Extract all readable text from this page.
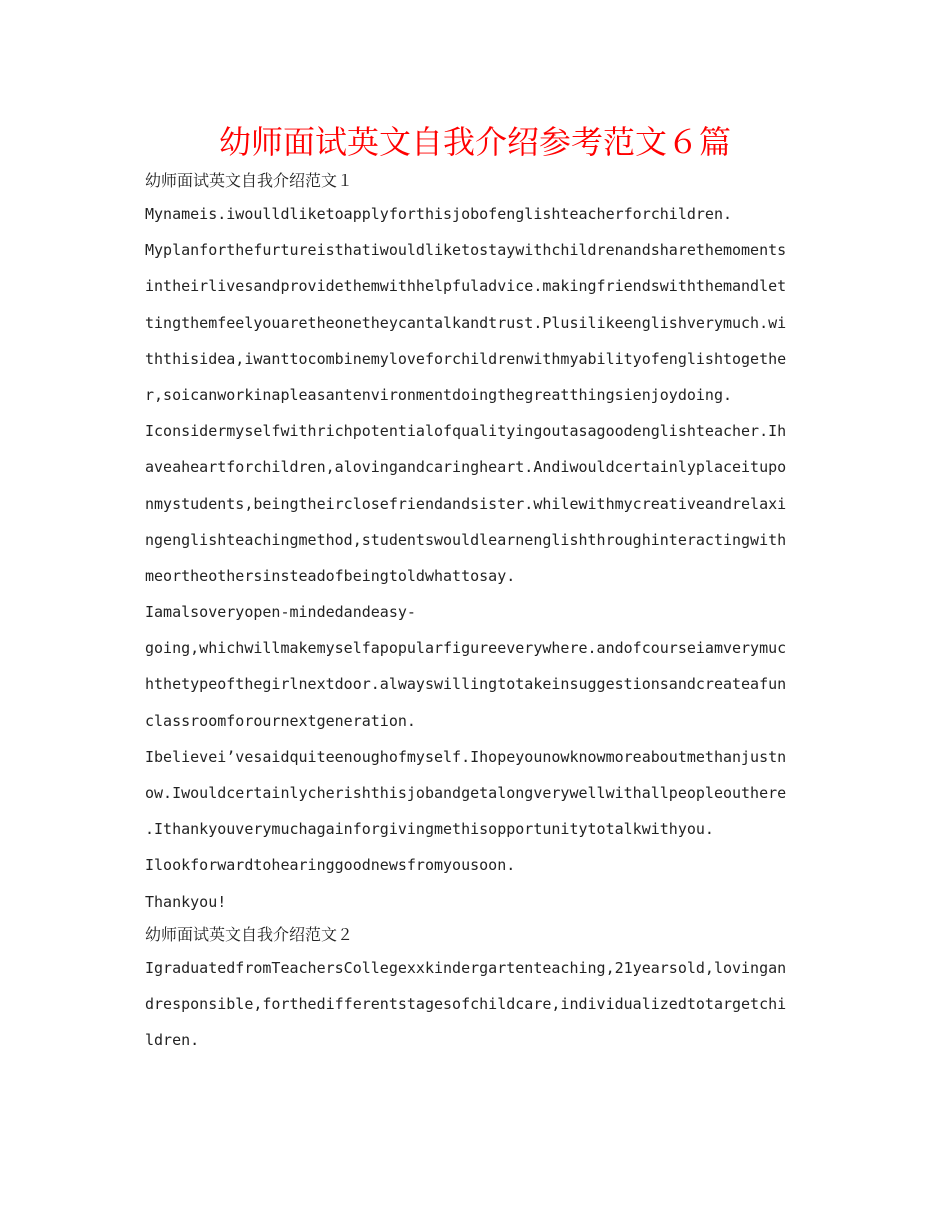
幼师面试英文自我介绍参考范文６篇

幼师面试英文自我介绍范文１

Mynameis.iwoulldliketoapplyforthisjobofenglishteacherforchildren.
Myplanforthefurtureisthatiwouldliketostaywithchildrenandsharethemoments
intheirlivesandprovidethemwithhelpfuladvice.makingfriendswiththemandlet
tingthemfeelyouaretheonetheycantalkandtrust.Plusilikeenglishverymuch.wi
ththisidea,iwanttocombinemyloveforchildrenwithmyabilityofenglishtogethe
r,soicanworkinapleasantenvironmentdoingthegreatthingsienjoydoing.
Iconsidermyselfwithrichpotentialofqualityingoutasagoodenglishteacher.Ih
aveaheartforchildren,alovingandcaringheart.Andiwouldcertainlyplaceitupo
nmystudents,beingtheirclosefriendandsister.whilewithmycreativeandrelaxi
ngenglishteachingmethod,studentswouldlearnenglishthroughinteractingwith
meortheothersinsteadofbeingtoldwhattosay.
Iamalsoveryopen-mindedandeasy-
going,whichwillmakemyselfapopularfigureeverywhere.andofcourseiamverymuc
hthetypeofthegirlnextdoor.alwayswillingtotakeinsuggestionsandcreateafun
classroomforournextgeneration.
Ibelievei’vesaidquiteenoughofmyself.Ihopeyounowknowmoreaboutmethanjustn
ow.Iwouldcertainlycherishthisjobandgetalongverywellwithallpeopleouthere
.Ithankyouverymuchagainforgivingmethisopportunitytotalkwithyou.
Ilookforwardtohearinggoodnewsfromyousoon.
Thankyou!

幼师面试英文自我介绍范文２

IgraduatedfromTeachersCollegexxkindergartenteaching,21yearsold,lovingan
dresponsible,forthedifferentstagesofchildcare,individualizedtotargetchi
ldren.
